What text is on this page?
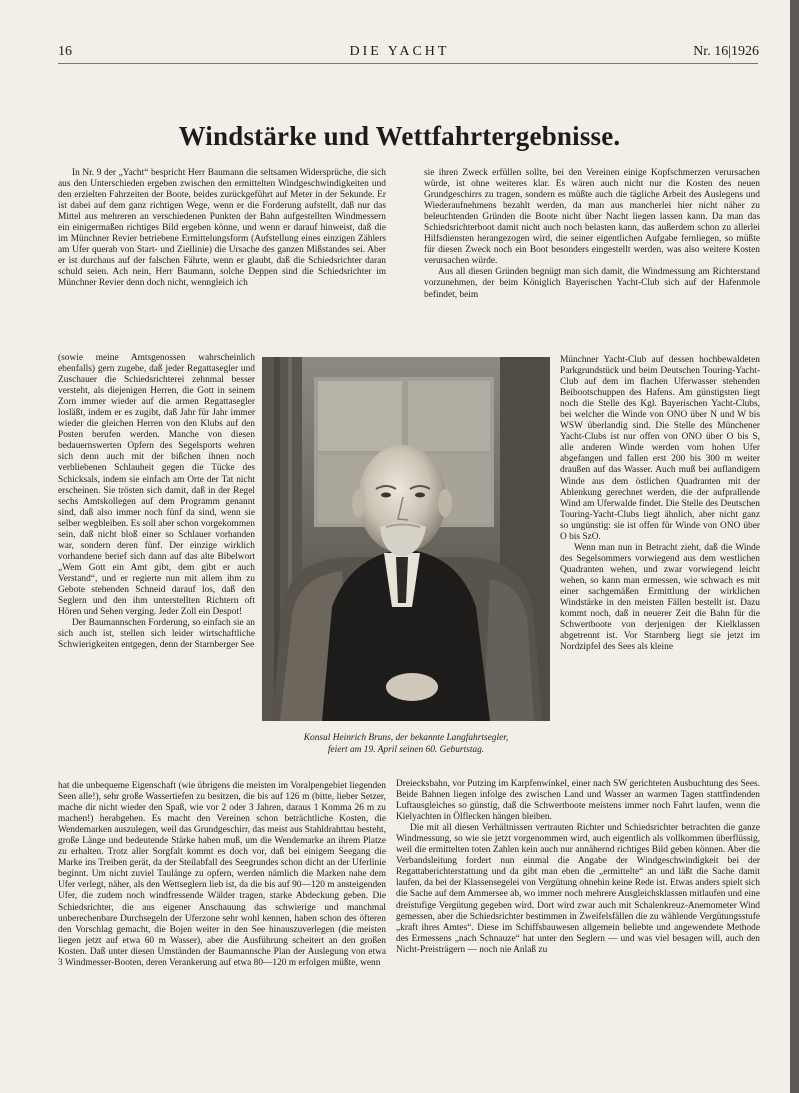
16	DIE YACHT	Nr. 16|1926
Windstärke und Wettfahrtergebnisse.

In Nr. 9 der „Yacht“ bespricht Herr Baumann die seltsamen Widersprüche, die sich aus den Unterschieden ergeben zwischen den ermittelten Windgeschwindigkeiten und den erzielten Fahrzeiten der Boote, beides zurückgeführt auf Meter in der Sekunde. Er ist dabei auf dem ganz richtigen Wege, wenn er die Forderung aufstellt, daß nur das Mittel aus mehreren an verschiedenen Punkten der Bahn aufgestellten Windmessern ein einigermaßen richtiges Bild ergeben könne, und wenn er darauf hinweist, daß die im Münchner Revier betriebene Ermittelungsform (Aufstellung eines einzigen Zählers am Ufer querab von Start- und Ziellinie) die Ursache des ganzen Mißstandes sei. Aber er ist durchaus auf der falschen Fährte, wenn er glaubt, daß die Schiedsrichter daran schuld seien. Ach nein, Herr Baumann, solche Deppen sind die Schiedsrichter im Münchner Revier denn doch nicht, wenngleich ich

(sowie meine Amtsgenossen wahrscheinlich ebenfalls) gern zugebe, daß jeder Regattasegler und Zuschauer die Schiedsrichterei zehnmal besser versteht, als diejenigen Herren, die Gott in seinem Zorn immer wieder auf die armen Regattasegler losläßt, indem er es zugibt, daß Jahr für Jahr immer wieder die gleichen Herren von den Klubs auf den Posten berufen werden. Manche von diesen bedauernswerten Opfern des Segelsports wehren sich denn auch mit der bißchen ihnen noch verbliebenen Schlauheit gegen die Tücke des Schicksals, indem sie einfach am Orte der Tat nicht erscheinen. Sie trösten sich damit, daß in der Regel sechs Amtskollegen auf dem Programm genannt sind, daß also immer noch fünf da sind, wenn sie selber wegbleiben. Es soll aber schon vorgekommen sein, daß nicht bloß einer so Schlauer vorhanden war, sondern deren fünf. Der einzige wirklich vorhandene berief sich dann auf das alte Bibelwort „Wem Gott ein Amt gibt, dem gibt er auch Verstand“, und er regierte nun mit allem ihm zu Gebote stehenden Schneid darauf los, daß den Seglern und den ihm unterstellten Richtern oft Hören und Sehen verging. Jeder Zoll ein Despot!

Der Baumannschen Forderung, so einfach sie an sich auch ist, stellen sich leider wirtschaftliche Schwierigkeiten entgegen, denn der Starnberger See

hat die unbequeme Eigenschaft (wie übrigens die meisten im Voralpengebiet liegenden Seen alle!), sehr große Wassertiefen zu besitzen, die bis auf 126 m (bitte, lieber Setzer, mache dir nicht wieder den Spaß, wie vor 2 oder 3 Jahren, daraus 1 Komma 26 m zu machen!) herabgehen. Es macht den Vereinen schon beträchtliche Kosten, die Wendemarken auszulegen, weil das Grundgeschirr, das meist aus Stahldrahttau besteht, große Länge und bedeutende Stärke haben muß, um die Wendemarke an ihrem Platze zu erhalten. Trotz aller Sorgfalt kommt es doch vor, daß bei einigem Seegang die Marke ins Treiben gerät, da der Steilabfall des Seegrundes schon dicht an der Uferlinie beginnt. Um nicht zuviel Taulänge zu opfern, werden nämlich die Marken nahe dem Ufer verlegt, näher, als den Wettseglern lieb ist, da die bis auf 90—120 m ansteigenden Ufer, die zudem noch windfressende Wälder tragen, starke Abdeckung geben. Die Schiedsrichter, die aus eigener Anschauung das schwierige und manchmal unberechenbare Durchsegeln der Uferzone sehr wohl kennen, haben schon des öfteren den Vorschlag gemacht, die Bojen weiter in den See hinauszuverlegen (die meisten liegen jetzt auf etwa 60 m Wasser), aber die Ausführung scheitert an den großen Kosten. Daß unter diesen Umständen der Baumannsche Plan der Auslegung von etwa 3 Windmesser-Booten, deren Verankerung auf etwa 80—120 m erfolgen müßte, wenn

sie ihren Zweck erfüllen sollte, bei den Vereinen einige Kopfschmerzen verursachen würde, ist ohne weiteres klar. Es wären auch nicht nur die Kosten des neuen Grundgeschirrs zu tragen, sondern es müßte auch die tägliche Arbeit des Auslegens und Wiederaufnehmens bezahlt werden, da man aus mancherlei hier nicht näher zu beleuchtenden Gründen die Boote nicht über Nacht liegen lassen kann. Da man das Schiedsrichterboot damit nicht auch noch belasten kann, das außerdem schon zu allerlei Hilfsdiensten herangezogen wird, die seiner eigentlichen Aufgabe fernliegen, so müßte für diesen Zweck noch ein Boot besonders eingestellt werden, was also weitere Kosten verursachen würde.

Aus all diesen Gründen begnügt man sich damit, die Windmessung am Richterstand vorzunehmen, der beim Königlich Bayerischen Yacht-Club sich auf der Hafenmole befindet, beim

Münchner Yacht-Club auf dessen hochbewaldeten Parkgrundstück und beim Deutschen Touring-Yacht-Club auf dem im flachen Uferwasser stehenden Beibootschuppen des Hafens. Am günstigsten liegt noch die Stelle des Kgl. Bayerischen Yacht-Clubs, bei welcher die Winde von ONO über N und W bis WSW überlandig sind. Die Stelle des Münchener Yacht-Clubs ist nur offen von ONO über O bis S, alle anderen Winde werden vom hohen Ufer abgefangen und fallen erst 200 bis 300 m weiter draußen auf das Wasser. Auch muß bei auflandigem Winde aus dem östlichen Quadranten mit der Ablenkung gerechnet werden, die der aufprallende Wind am Uferwalde findet. Die Stelle des Deutschen Touring-Yacht-Clubs liegt ähnlich, aber nicht ganz so ungünstig: sie ist offen für Winde von ONO über O bis SzO.

Wenn man nun in Betracht zieht, daß die Winde des Segelsommers vorwiegend aus dem westlichen Quadranten wehen, und zwar vorwiegend leicht wehen, so kann man ermessen, wie schwach es mit einer sachgemäßen Ermittlung der wirklichen Windstärke in den meisten Fällen bestellt ist. Dazu kommt noch, daß in neuerer Zeit die Bahn für die Schwertboote von derjenigen der Kielklassen abgetrennt ist. Vor Starnberg liegt sie jetzt im Nordzipfel des Sees als kleine

Dreiecksbahn, vor Putzing im Karpfenwinkel, einer nach SW gerichteten Ausbuchtung des Sees. Beide Bahnen liegen infolge des zwischen Land und Wasser an warmen Tagen stattfindenden Luftausgleiches so günstig, daß die Schwertboote meistens immer noch Fahrt laufen, wenn die Kielyachten in Ölflecken hängen bleiben.

Die mit all diesen Verhältnissen vertrauten Richter und Schiedsrichter betrachten die ganze Windmessung, so wie sie jetzt vorgenommen wird, auch eigentlich als vollkommen überflüssig, weil die ermittelten toten Zahlen kein auch nur annähernd richtiges Bild geben können. Aber die Verbandsleitung fordert nun einmal die Angabe der Windgeschwindigkeit bei der Regattaberichterstattung und da gibt man eben die „ermittelte“ an und läßt die Sache damit laufen, da bei der Klassensegelei von Vergütung ohnehin keine Rede ist. Etwas anders spielt sich die Sache auf dem Ammersee ab, wo immer noch mehrere Ausgleichsklassen mitlaufen und eine dreistufige Vergütung gegeben wird. Dort wird zwar auch mit Schalenkreuz-Anemometer Wind gemessen, aber die Schiedsrichter bestimmen in Zweifelsfällen die zu wählende Vergütungsstufe „kraft ihres Amtes“. Diese im Schiffsbauwesen allgemein beliebte und angewendete Methode des Ermessens „nach Schnauze“ hat unter den Seglern — und was viel besagen will, auch den Nicht-Preisträgern — noch nie Anlaß zu

Konsul Heinrich Bruns, der bekannte Langfahrtsegler,
feiert am 19. April seinen 60. Geburtstag.
